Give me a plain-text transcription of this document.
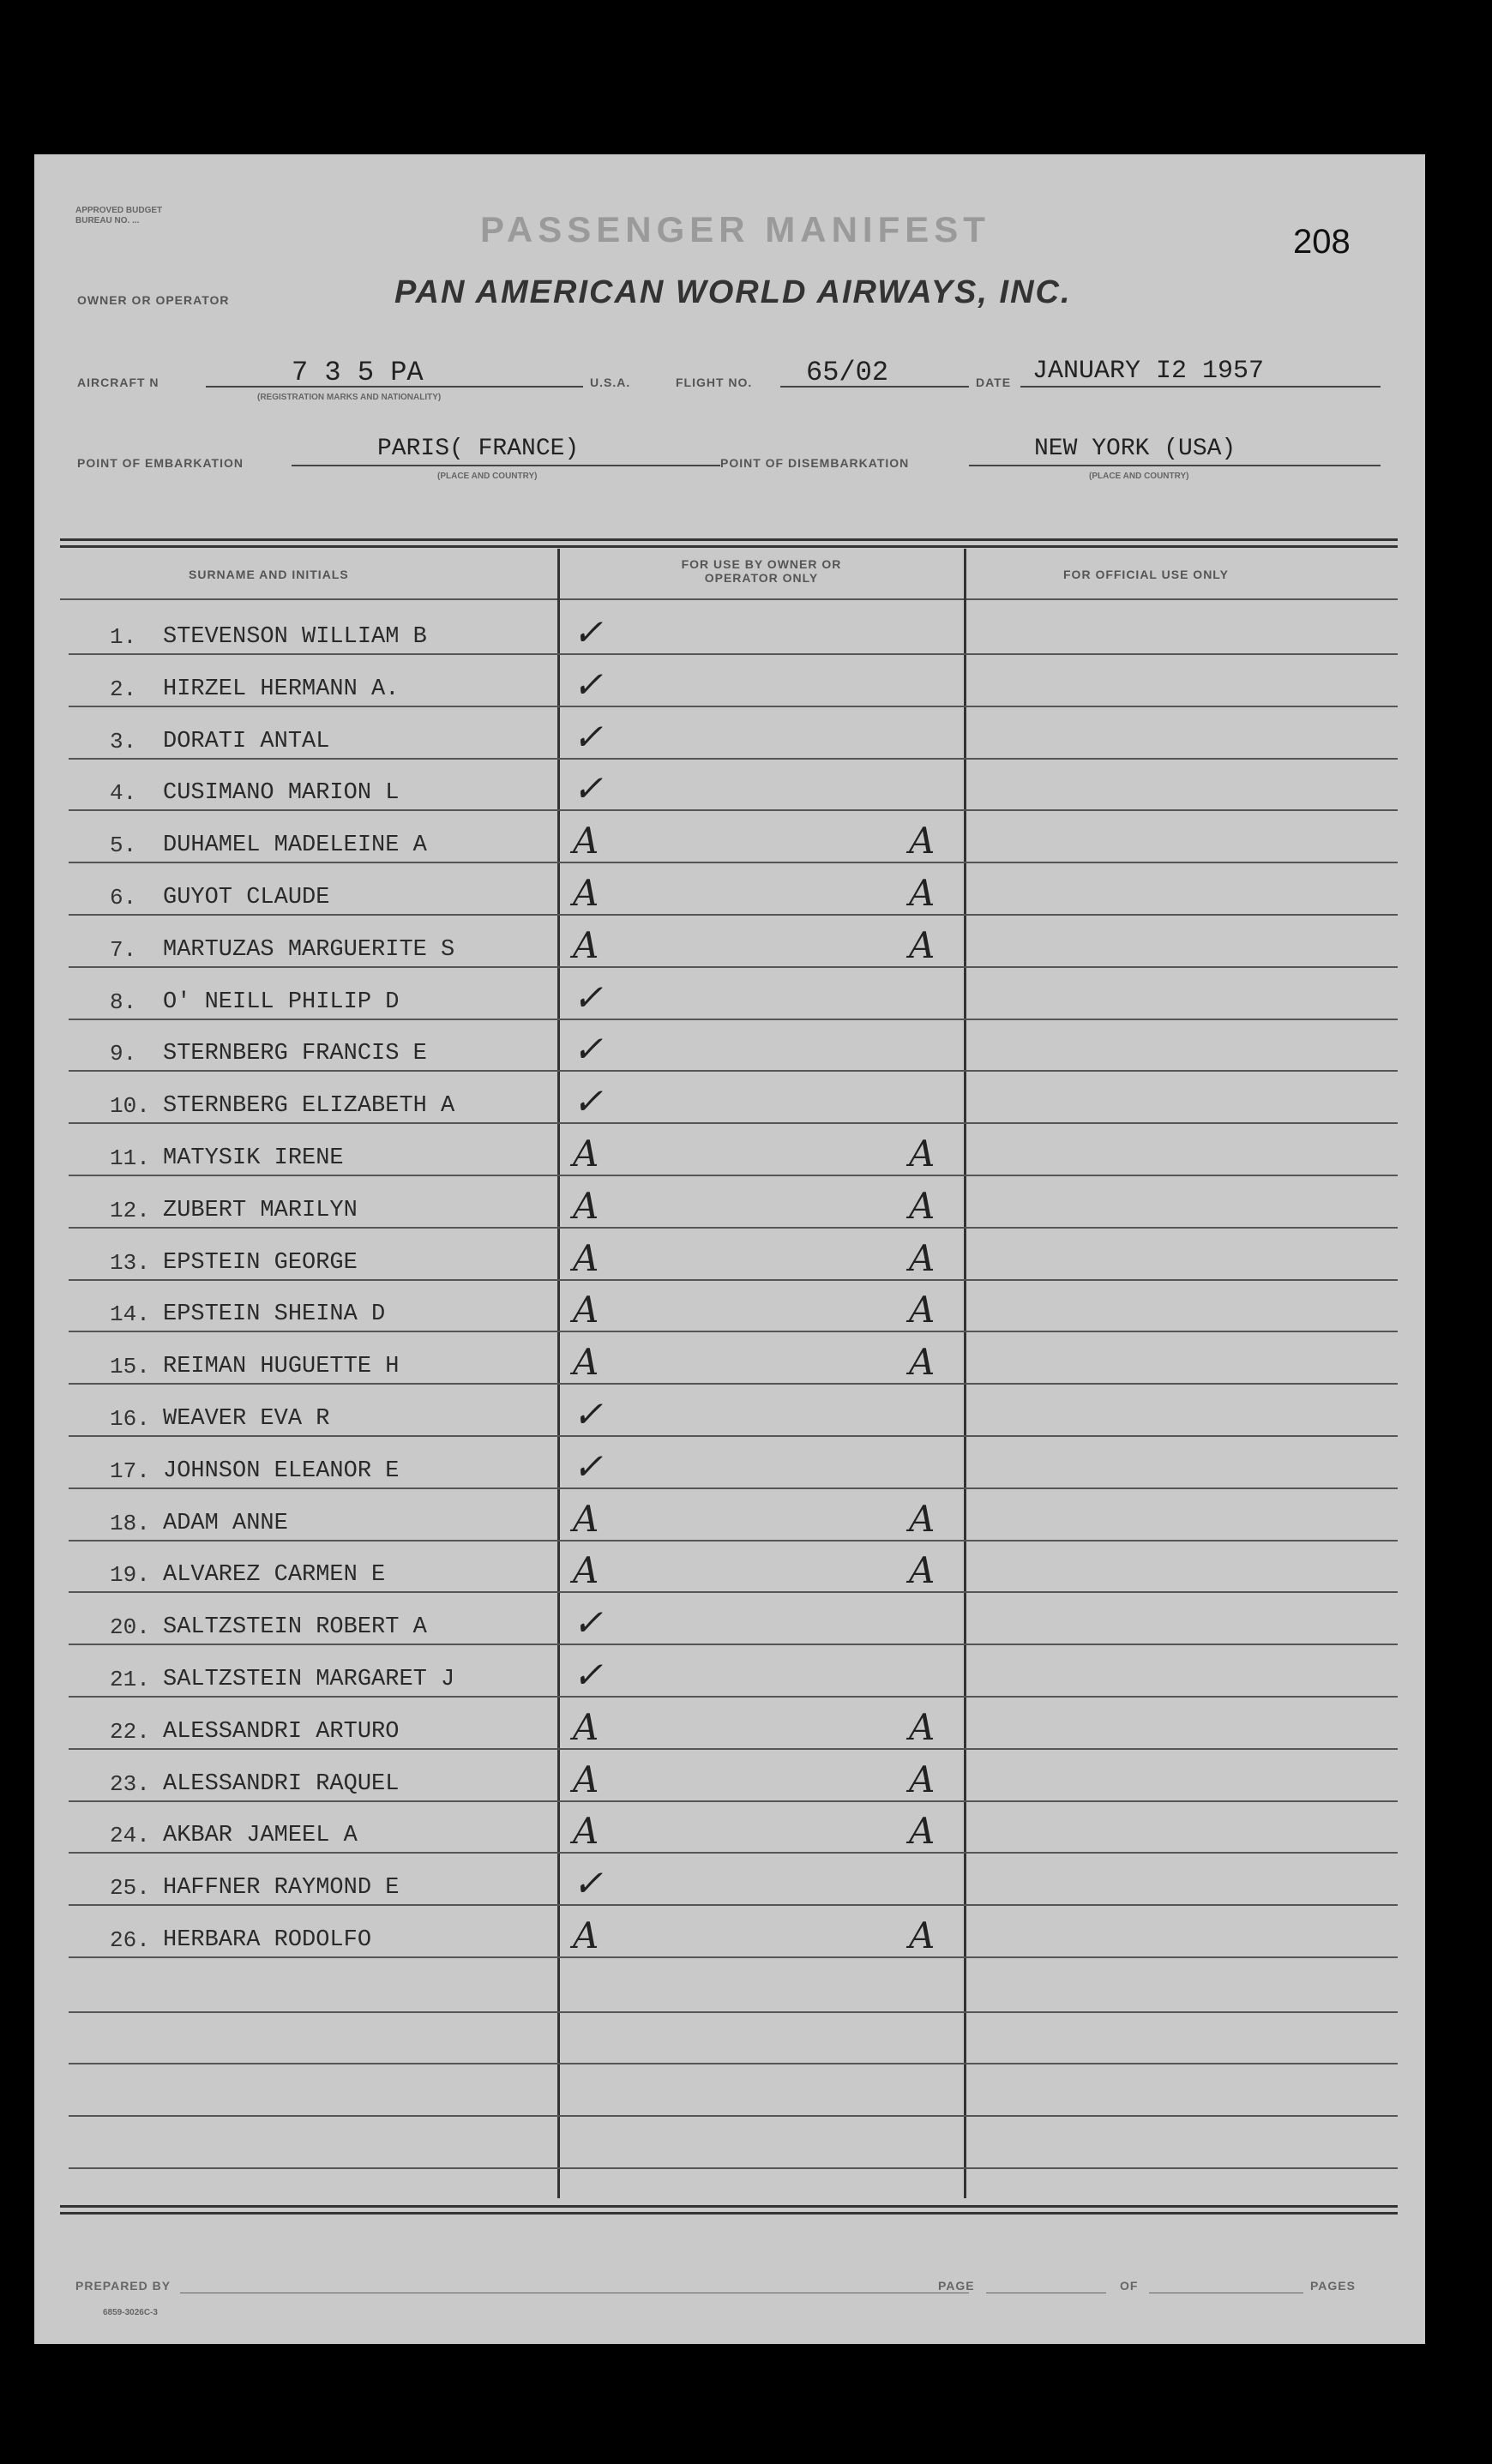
APPROVED BUDGET BUREAU NO. ...	PASSENGER MANIFEST	208
OWNER OR OPERATOR	PAN AMERICAN WORLD AIRWAYS, INC.
AIRCRAFT N	7 3 5 PA
(REGISTRATION MARKS AND NATIONALITY)
U.S.A.	FLIGHT NO. 65/02	DATE JANUARY I2 1957
POINT OF EMBARKATION
PARIS( FRANCE)
(PLACE AND COUNTRY)
POINT OF DISEMBARKATION
NEW YORK (USA)
(PLACE AND COUNTRY)
SURNAME AND INITIALS
FOR USE BY OWNER OR OPERATOR ONLY	FOR OFFICIAL USE ONLY
1. STEVENSON WILLIAM B	✓
2. HIRZEL HERMANN A.	✓
3. DORATI ANTAL	✓
4. CUSIMANO MARION L	✓
5. DUHAMEL MADELEINE A	A	A
6. GUYOT CLAUDE	A	A
7. MARTUZAS MARGUERITE S	A	A
8. O' NEILL PHILIP D	✓
9. STERNBERG FRANCIS E	✓
10. STERNBERG ELIZABETH A	✓
11. MATYSIK IRENE	A	A
12. ZUBERT MARILYN	A	A
13. EPSTEIN GEORGE	A	A
14. EPSTEIN SHEINA D	A	A
15. REIMAN HUGUETTE H	A	A
16. WEAVER EVA R	✓
17. JOHNSON ELEANOR E	✓
18. ADAM ANNE	A	A
19. ALVAREZ CARMEN E	A	A
20. SALTZSTEIN ROBERT A	✓
21. SALTZSTEIN MARGARET J	✓
22. ALESSANDRI ARTURO	A	A
23. ALESSANDRI RAQUEL	A	A
24. AKBAR JAMEEL A	A	A
25. HAFFNER RAYMOND E	✓
26. HERBARA RODOLFO	A	A
PREPARED BY	PAGE	OF	PAGES
6859-3026C-3
